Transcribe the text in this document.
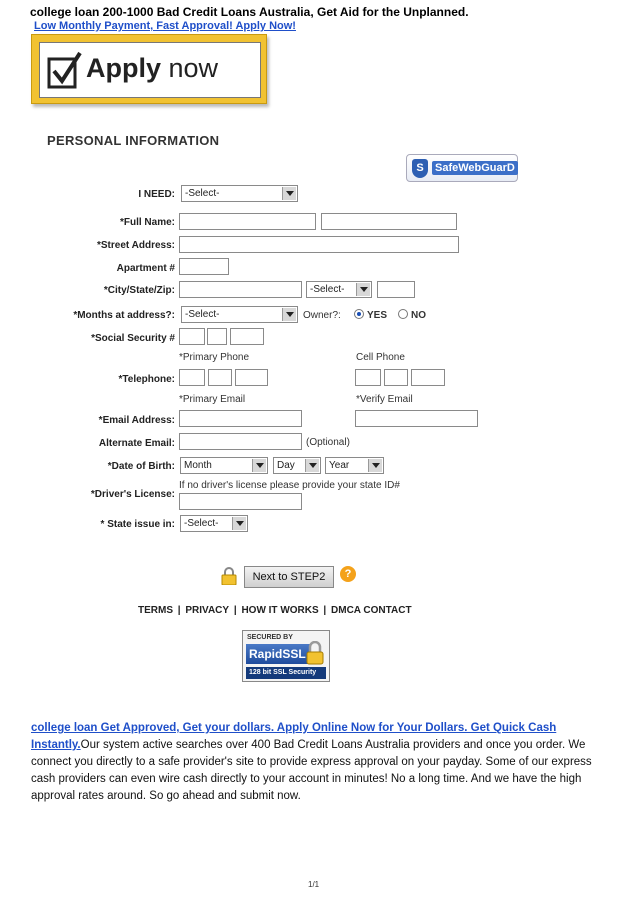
college loan 200-1000 Bad Credit Loans Australia, Get Aid for the Unplanned.
Low Monthly Payment, Fast Approval! Apply Now!
Apply now
PERSONAL INFORMATION
S	SafeWebGuarD
I NEED:	-Select-
*Full Name:
*Street Address:
Apartment #
*City/State/Zip:	-Select-
*Months at address?:	-Select-	Owner?:	YES NO
*Social Security #
*Primary Phone	Cell Phone
*Telephone:
*Primary Email	*Verify Email
*Email Address:
Alternate Email:	(Optional)
*Date of Birth: Month	Day	Year
If no driver's license please provide your state ID#
*Driver's License:
* State issue in: -Select-
Next to STEP2	?
TERMS | PRIVACY | HOW IT WORKS | DMCA CONTACT
SECURED BY
RapidSSL
128 bit SSL Security
college loan Get Approved, Get your dollars. Apply Online Now for Your Dollars. Get Quick Cash Instantly.Our system active searches over 400 Bad Credit Loans Australia providers and once you order. We connect you directly to a safe provider's site to provide express approval on your payday. Some of our express cash providers can even wire cash directly to your account in minutes! No a long time. And we have the high approval rates around. So go ahead and submit now.
1/1
